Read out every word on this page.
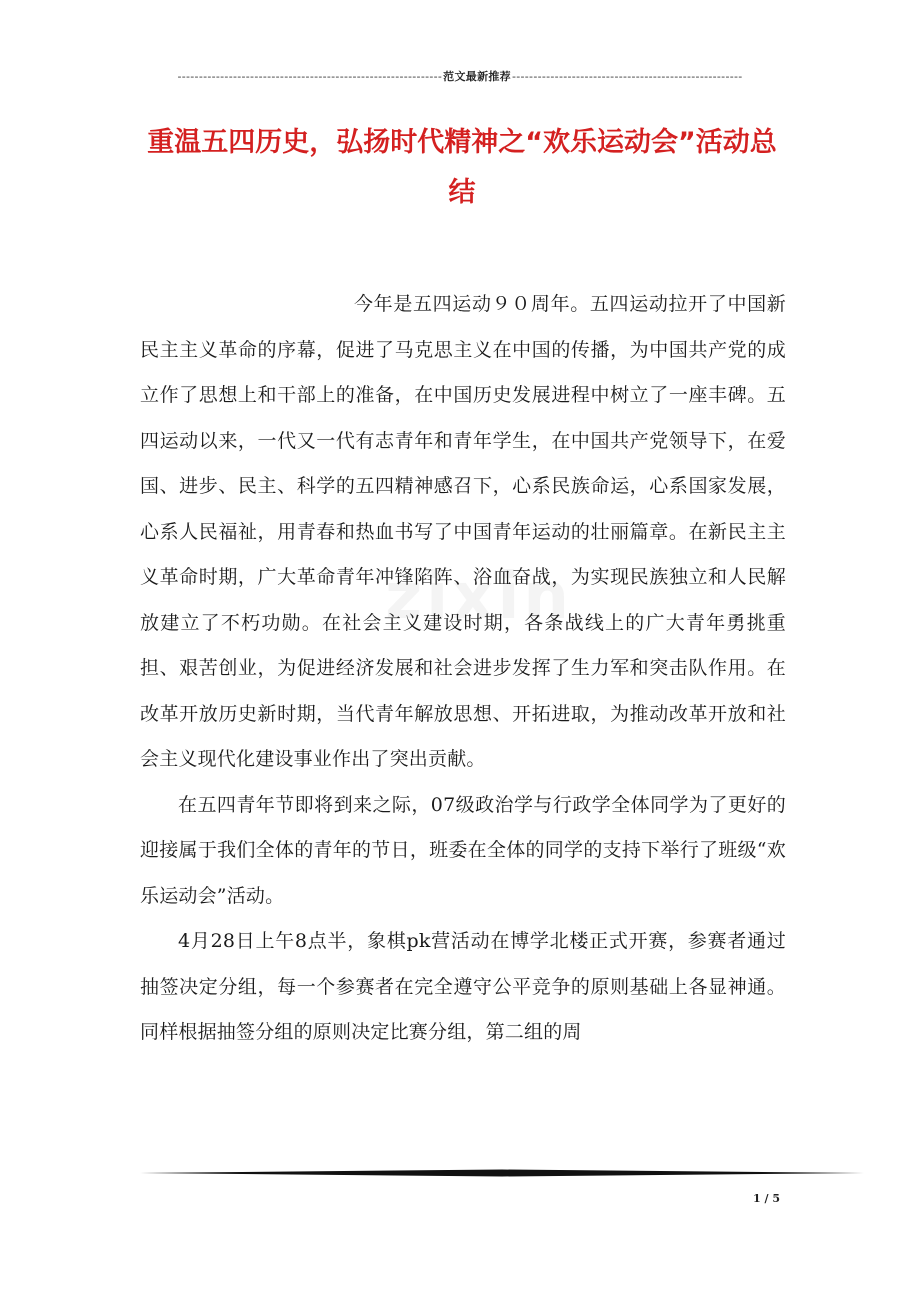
--------------------------------------------------------------范文最新推荐------------------------------------------------------
重温五四历史，弘扬时代精神之“欢乐运动会”活动总结
zixin

今年是五四运动９０周年。五四运动拉开了中国新民主主义革命的序幕，促进了马克思主义在中国的传播，为中国共产党的成立作了思想上和干部上的准备，在中国历史发展进程中树立了一座丰碑。五四运动以来，一代又一代有志青年和青年学生，在中国共产党领导下，在爱国、进步、民主、科学的五四精神感召下，心系民族命运，心系国家发展，心系人民福祉，用青春和热血书写了中国青年运动的壮丽篇章。在新民主主义革命时期，广大革命青年冲锋陷阵、浴血奋战，为实现民族独立和人民解放建立了不朽功勋。在社会主义建设时期，各条战线上的广大青年勇挑重担、艰苦创业，为促进经济发展和社会进步发挥了生力军和突击队作用。在改革开放历史新时期，当代青年解放思想、开拓进取，为推动改革开放和社会主义现代化建设事业作出了突出贡献。

在五四青年节即将到来之际，07级政治学与行政学全体同学为了更好的迎接属于我们全体的青年的节日，班委在全体的同学的支持下举行了班级“欢乐运动会”活动。

4月28日上午8点半，象棋pk营活动在博学北楼正式开赛，参赛者通过抽签决定分组，每一个参赛者在完全遵守公平竞争的原则基础上各显神通。同样根据抽签分组的原则决定比赛分组，第二组的周

1 / 5
